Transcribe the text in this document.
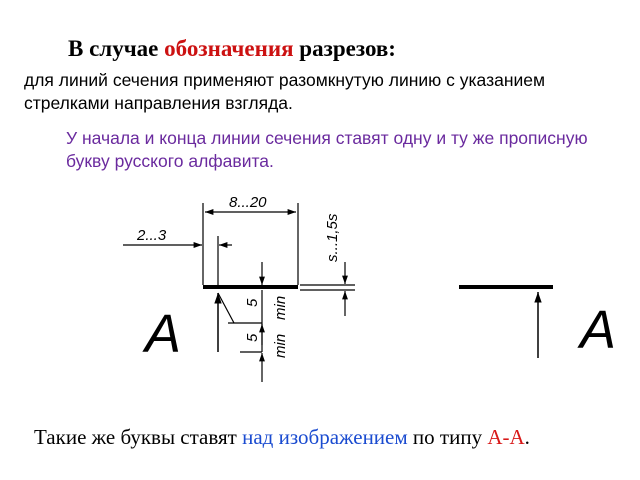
В случае обозначения разрезов:
для линий сечения применяют разомкнутую линию с указанием стрелками направления взгляда.
У начала и конца линии сечения ставят одну и ту же прописную букву русского алфавита.
8...20
2...3	s...1,5s
5
5
min
min
A	A
Такие же буквы ставят над изображением по типу А-А.
